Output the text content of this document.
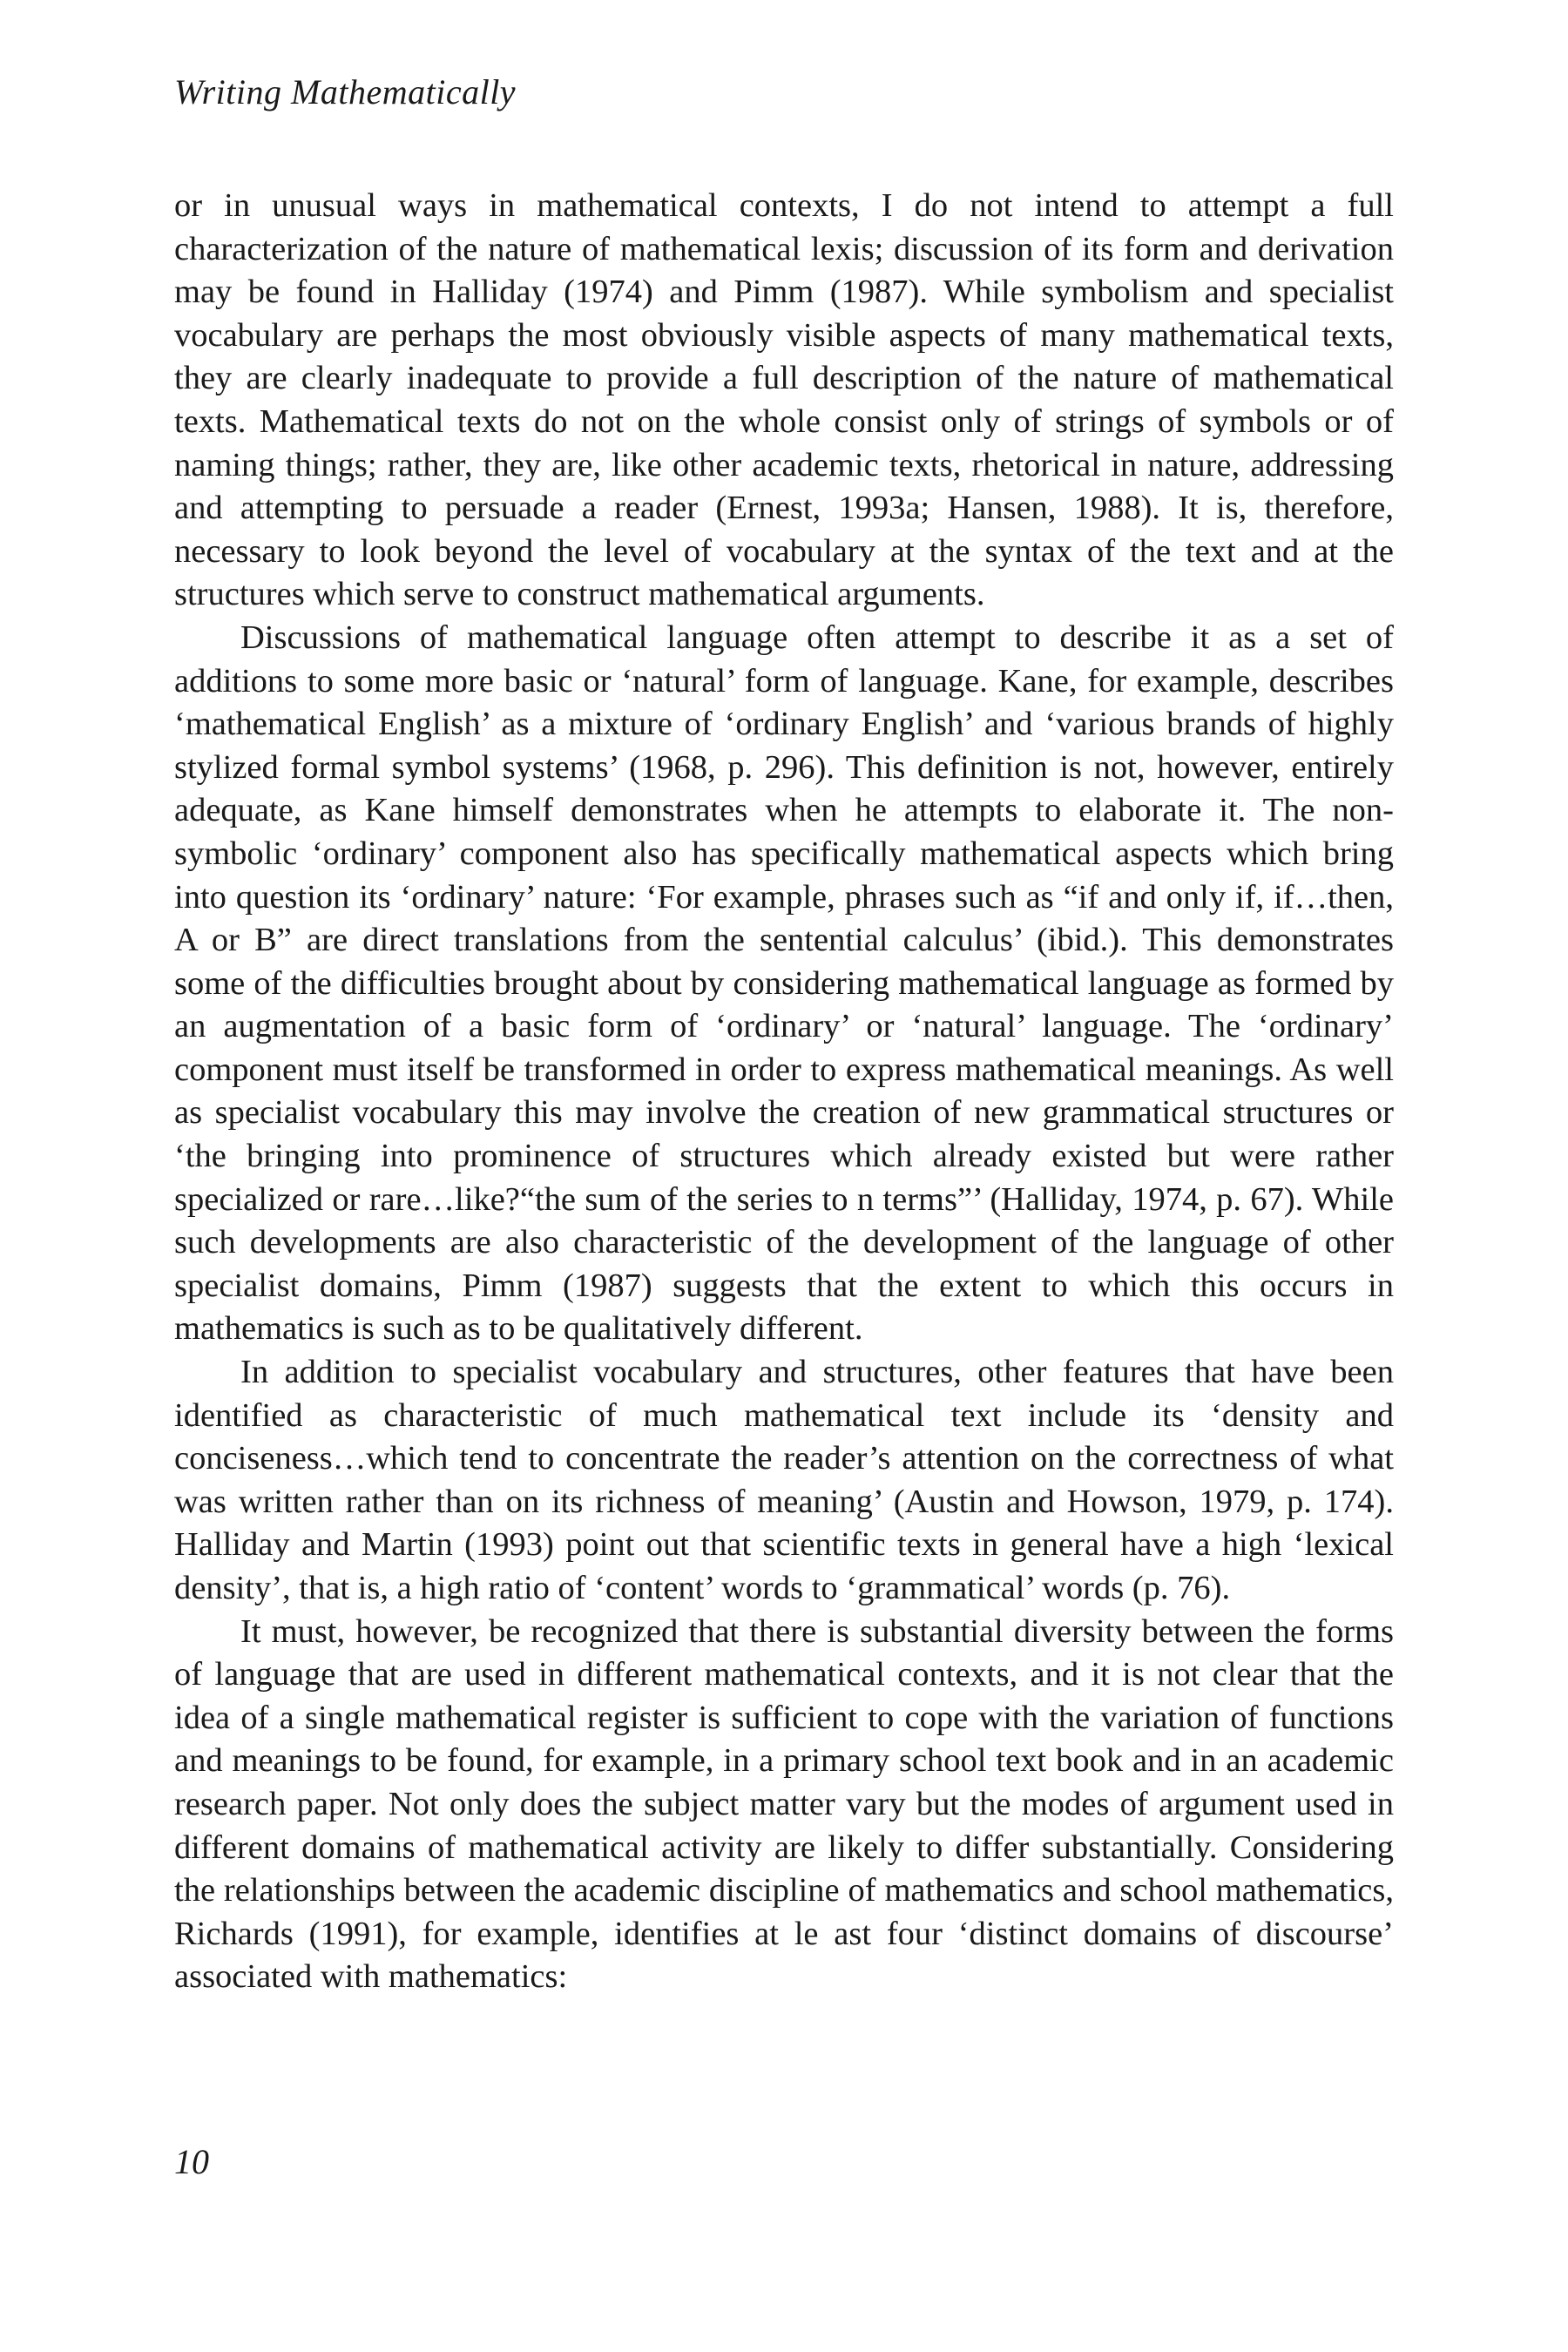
Writing Mathematically

or in unusual ways in mathematical contexts, I do not intend to attempt a full characterization of the nature of mathematical lexis; discussion of its form and derivation may be found in Halliday (1974) and Pimm (1987). While symbolism and specialist vocabulary are perhaps the most obviously visible aspects of many mathematical texts, they are clearly inadequate to provide a full description of the nature of mathematical texts. Mathematical texts do not on the whole consist only of strings of symbols or of naming things; rather, they are, like other academic texts, rhetorical in nature, addressing and attempting to persuade a reader (Ernest, 1993a; Hansen, 1988). It is, therefore, necessary to look beyond the level of vocabulary at the syntax of the text and at the structures which serve to construct mathematical arguments.

Discussions of mathematical language often attempt to describe it as a set of additions to some more basic or ‘natural’ form of language. Kane, for example, describes ‘mathematical English’ as a mixture of ‘ordinary English’ and ‘various brands of highly stylized formal symbol systems’ (1968, p. 296). This definition is not, however, entirely adequate, as Kane himself demonstrates when he attempts to elaborate it. The non-symbolic ‘ordinary’ component also has specifically mathematical aspects which bring into question its ‘ordinary’ nature: ‘For example, phrases such as “if and only if, if…then, A or B” are direct translations from the sentential calculus’ (ibid.). This demonstrates some of the difficulties brought about by considering mathematical language as formed by an augmentation of a basic form of ‘ordinary’ or ‘natural’ language. The ‘ordinary’ component must itself be transformed in order to express mathematical meanings. As well as specialist vocabulary this may involve the creation of new grammatical structures or ‘the bringing into prominence of structures which already existed but were rather specialized or rare…like?“the sum of the series to n terms”’ (Halliday, 1974, p. 67). While such developments are also characteristic of the development of the language of other specialist domains, Pimm (1987) suggests that the extent to which this occurs in mathematics is such as to be qualitatively different.

In addition to specialist vocabulary and structures, other features that have been identified as characteristic of much mathematical text include its ‘density and conciseness…which tend to concentrate the reader’s attention on the correctness of what was written rather than on its richness of meaning’ (Austin and Howson, 1979, p. 174). Halliday and Martin (1993) point out that scientific texts in general have a high ‘lexical density’, that is, a high ratio of ‘content’ words to ‘grammatical’ words (p. 76).

It must, however, be recognized that there is substantial diversity between the forms of language that are used in different mathematical contexts, and it is not clear that the idea of a single mathematical register is sufficient to cope with the variation of functions and meanings to be found, for example, in a primary school text book and in an academic research paper. Not only does the subject matter vary but the modes of argument used in different domains of mathematical activity are likely to differ substantially. Considering the relationships between the academic discipline of mathematics and school mathematics, Richards (1991), for example, identifies at le ast four ‘distinct domains of discourse’ associated with mathematics:

10
